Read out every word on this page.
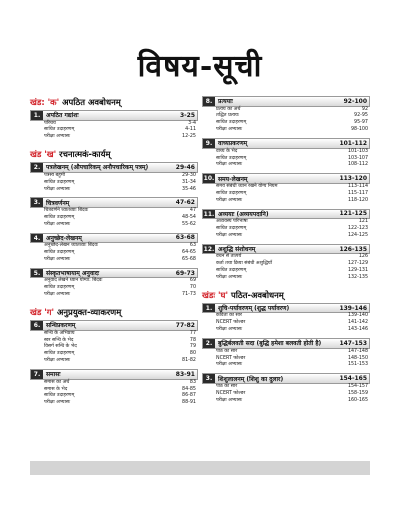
विषय-सूची
खंड: 'क' अपठित अवबोधनम्
1. अपठित गद्यांशः	3-25
परिचय	3-4
साधित उदाहरणम्	4-11
परीक्षा अभ्यासः	12-25
खंड 'ख' रचनात्मकं-कार्यम्
2. पत्रलेखनम् (औपचारिकम् अनौपचारिकम् पत्रम्)	29-46
पत्रस्य बहुमी	29-30
साधित उदाहरणम्	31-34
परीक्षा अभ्यासः	35-46
3. चित्रवर्णनम्	47-62
चित्रवर्णने ध्यातव्याः बिंदवः	47
साधित उदाहरणम्	48-54
परीक्षा अभ्यासः	55-62
4. अनुच्छेद-लेखनम्	63-68
अनुच्छेद-लेखन ध्यातव्याः बिंदवः	63
साधित उदाहरणम्	64-65
परीक्षा अभ्यासः	65-68
5. संस्कृतभाषायाम् अनुवादः	69-73
अनुवाद लेखने ध्यान योग्या: बिंदवः	69
साधित उदाहरणम्	70
परीक्षा अभ्यासः	71-73
खंड 'ग' अनुप्रयुक्त-व्याकरणम्
6. सन्धिप्रकरणम्	77-82
सन्धि के अभिप्राय	77
स्वर सन्धि के भेद	78
विसर्ग सन्धि के भेद	79
साधित उदाहरणम्	80
परीक्षा अभ्यासः	81-82
7. समासः	83-91
समास का अर्थ	83
समास के भेद	84-85
साधित उदाहरणम्	86-87
परीक्षा अभ्यासः	88-91
8. प्रत्ययाः	92-100
प्रत्यय का अर्थ	92
तद्धित प्रत्ययः	92-95
साधित उदाहरणम्	95-97
परीक्षा अभ्यासः	98-100
9. वाच्यप्रकरणम्	101-112
वाच्य के भेद	101-103
साधित उदाहरणम्	103-107
परीक्षा अभ्यासः	108-112
10. समय-लेखनम्	113-120
समय संबंधी ध्यान रखने योग्य नियम	113-114
साधित उदाहरणम्	115-117
परीक्षा अभ्यासः	118-120
11. अव्ययाः (अव्ययपदानि)	121-125
अव्ययस्य परिभाषा	121
साधित उदाहरणम्	122-123
परीक्षा अभ्यासः	124-125
12. अशुद्धि संशोधनम्	126-135
वचन से तात्पर्य	126
कर्ता तथा क्रिया संबंधी अशुद्धियाँ	127-129
साधित उदाहरणम्	129-131
परीक्षा अभ्यासः	132-135
खंडः 'घ' पठित-अवबोधनम्
1. शुचि-पर्यावरणम् (शुद्ध पर्यावरण)	139-146
कविता का सार	139-140
NCERT फोल्डर	141-142
परीक्षा अभ्यासः	143-146
2. बुद्धिर्बलवती सदा (बुद्धि हमेशा बलवती होती है)	147-153
पाठ का सार	147-148
NCERT फोल्डर	148-150
परीक्षा अभ्यासः	151-153
3. शिशुलालनम् (शिशु का दुलार)	154-165
पाठ का सार	154-157
NCERT फोल्डर	158-159
परीक्षा अभ्यासः	160-165
